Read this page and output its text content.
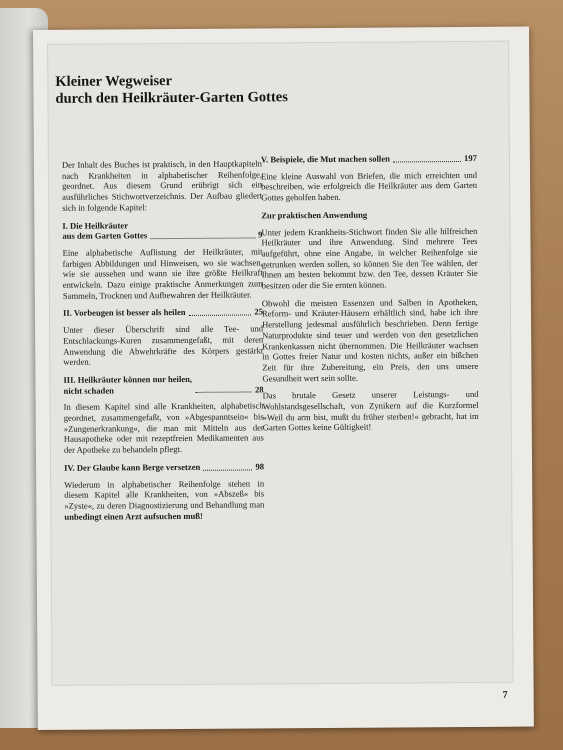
Kleiner Wegweiser
durch den Heilkräuter-Garten Gottes

Der Inhalt des Buches ist praktisch, in den Hauptkapiteln nach Krankheiten in alphabetischer Reihenfolge, geordnet. Aus diesem Grund erübrigt sich ein ausführliches Stichwortverzeichnis. Der Aufbau gliedert sich in folgende Kapitel:

I. Die Heilkräuter
aus dem Garten Gottes	9

Eine alphabetische Auflistung der Heilkräuter, mit farbigen Abbildungen und Hinweisen, wo sie wachsen, wie sie aussehen und wann sie ihre größte Heilkraft entwickeln. Dazu einige praktische Anmerkungen zum Sammeln, Trocknen und Aufbewahren der Heilkräuter.

II. Vorbeugen ist besser als heilen	25

Unter dieser Überschrift sind alle Tee- und Entschlackungs-Kuren zusammengefaßt, mit deren Anwendung die Abwehrkräfte des Körpers gestärkt werden.

III. Heilkräuter können nur heilen,
nicht schaden	28

In diesem Kapitel sind alle Krankheiten, alphabetisch geordnet, zusammengefaßt, von »Abgespanntsein« bis »Zungenerkrankung«, die man mit Mitteln aus der Hausapotheke oder mit rezeptfreien Medikamenten aus der Apotheke zu behandeln pflegt.

IV. Der Glaube kann Berge versetzen	98

Wiederum in alphabetischer Reihenfolge stehen in diesem Kapitel alle Krankheiten, von »Abszeß« bis »Zyste«, zu deren Diagnostizierung und Behandlung man unbedingt einen Arzt aufsuchen muß!

V. Beispiele, die Mut machen sollen	197

Eine kleine Auswahl von Briefen, die mich erreichten und beschreiben, wie erfolgreich die Heilkräuter aus dem Garten Gottes geholfen haben.

Zur praktischen Anwendung

Unter jedem Krankheits-Stichwort finden Sie alle hilfreichen Heilkräuter und ihre Anwendung. Sind mehrere Tees aufgeführt, ohne eine Angabe, in welcher Reihenfolge sie getrunken werden sollen, so können Sie den Tee wählen, der Ihnen am besten bekommt bzw. den Tee, dessen Kräuter Sie besitzen oder die Sie ernten können.

Obwohl die meisten Essenzen und Salben in Apotheken, Reform- und Kräuter-Häusern erhältlich sind, habe ich ihre Herstellung jedesmal ausführlich beschrieben. Denn fertige Naturprodukte sind teuer und werden von den gesetzlichen Krankenkassen nicht übernommen. Die Heilkräuter wachsen in Gottes freier Natur und kosten nichts, außer ein bißchen Zeit für ihre Zubereitung, ein Preis, den uns unsere Gesundheit wert sein sollte.

Das brutale Gesetz unserer Leistungs- und Wohlstandsgesellschaft, von Zynikern auf die Kurzformel »Weil du arm bist, mußt du früher sterben!« gebracht, hat im Garten Gottes keine Gültigkeit!

7
